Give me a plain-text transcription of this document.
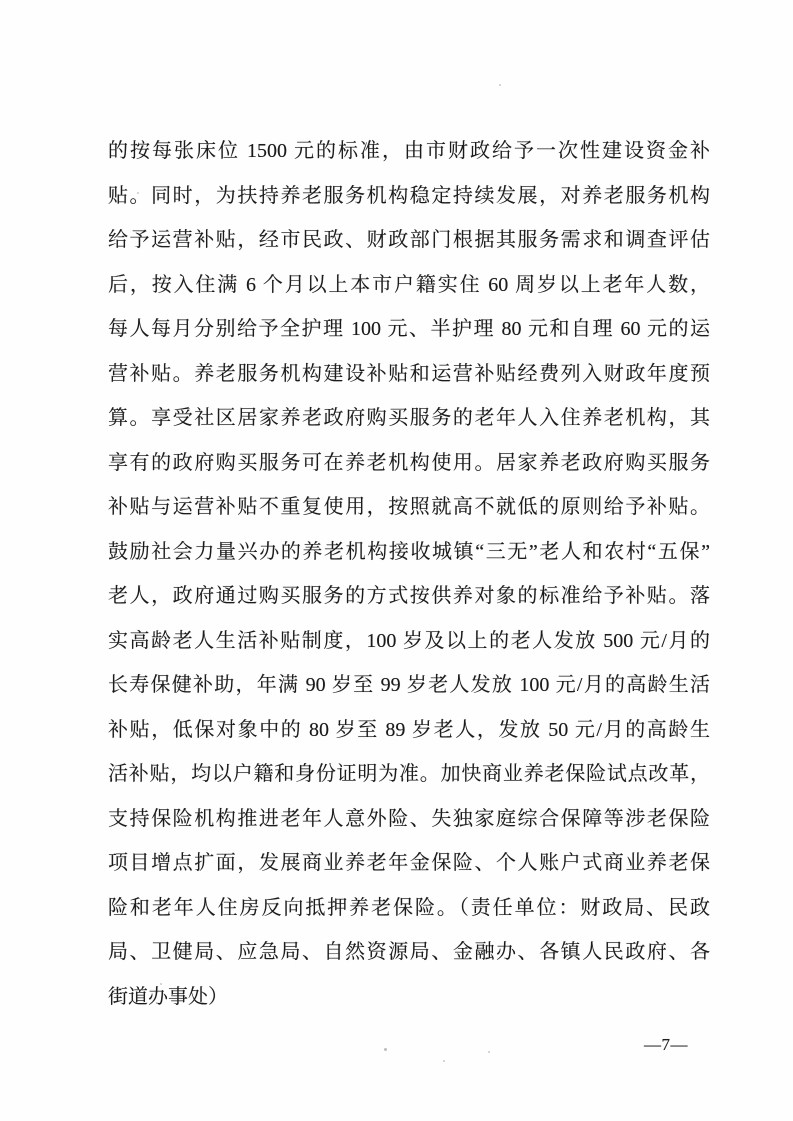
的按每张床位 1500 元的标准，由市财政给予一次性建设资金补
贴。同时，为扶持养老服务机构稳定持续发展，对养老服务机构
给予运营补贴，经市民政、财政部门根据其服务需求和调查评估
后，按入住满 6 个月以上本市户籍实住 60 周岁以上老年人数，
每人每月分别给予全护理 100 元、半护理 80 元和自理 60 元的运
营补贴。养老服务机构建设补贴和运营补贴经费列入财政年度预
算。享受社区居家养老政府购买服务的老年人入住养老机构，其
享有的政府购买服务可在养老机构使用。居家养老政府购买服务
补贴与运营补贴不重复使用，按照就高不就低的原则给予补贴。
鼓励社会力量兴办的养老机构接收城镇“三无”老人和农村“五保”
老人，政府通过购买服务的方式按供养对象的标准给予补贴。落
实高龄老人生活补贴制度，100 岁及以上的老人发放 500 元/月的
长寿保健补助，年满 90 岁至 99 岁老人发放 100 元/月的高龄生活
补贴，低保对象中的 80 岁至 89 岁老人，发放 50 元/月的高龄生
活补贴，均以户籍和身份证明为准。加快商业养老保险试点改革，
支持保险机构推进老年人意外险、失独家庭综合保障等涉老保险
项目增点扩面，发展商业养老年金保险、个人账户式商业养老保
险和老年人住房反向抵押养老保险。（责任单位：财政局、民政
局、卫健局、应急局、自然资源局、金融办、各镇人民政府、各
街道办事处）
—7—
